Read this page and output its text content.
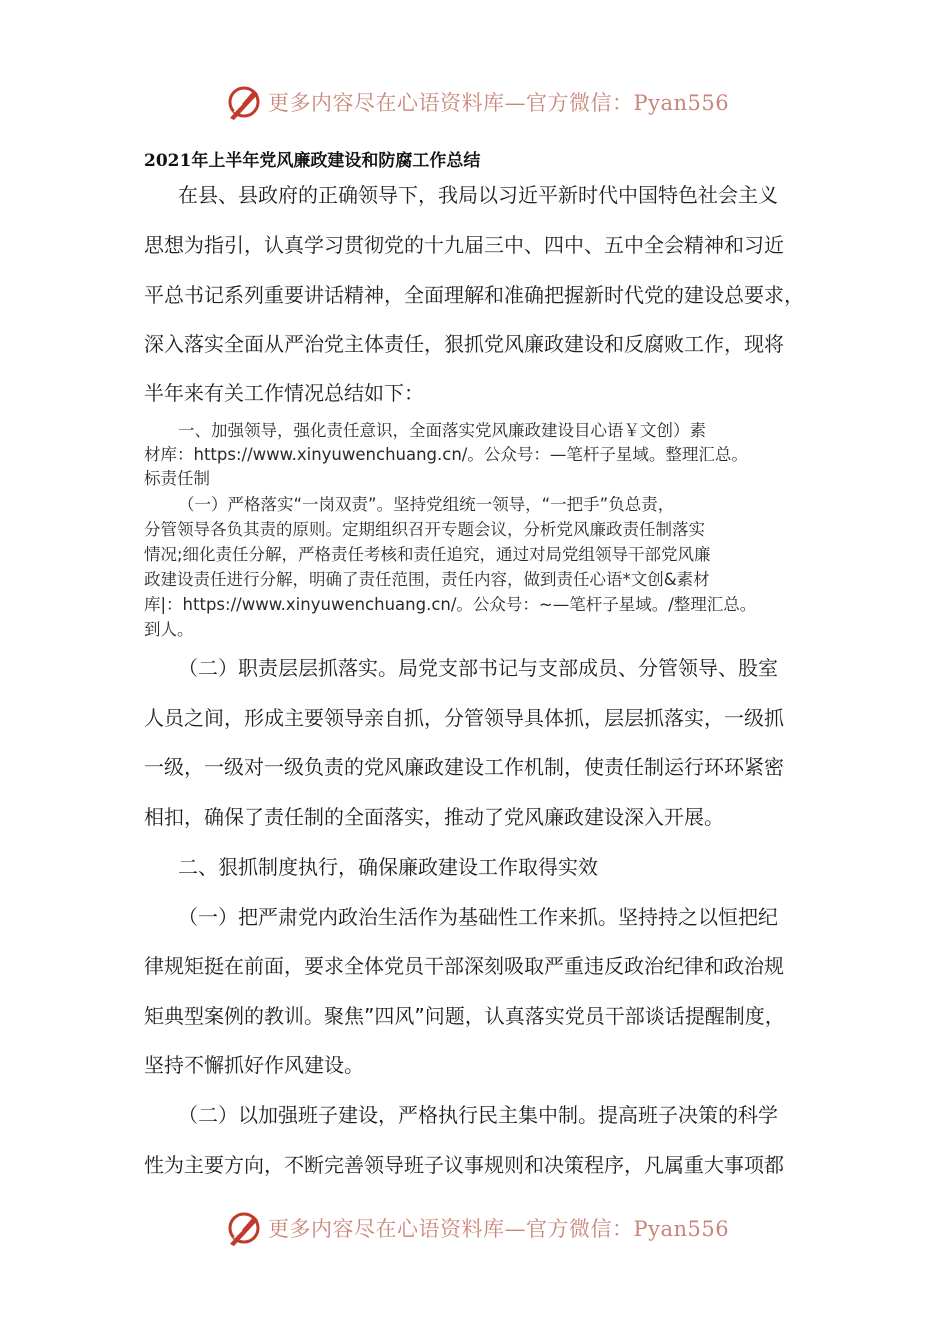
更多内容尽在心语资料库—官方微信：Pyan556
2021年上半年党风廉政建设和防腐工作总结
在县、县政府的正确领导下，我局以习近平新时代中国特色社会主义
思想为指引，认真学习贯彻党的十九届三中、四中、五中全会精神和习近
平总书记系列重要讲话精神，全面理解和准确把握新时代党的建设总要求，
深入落实全面从严治党主体责任，狠抓党风廉政建设和反腐败工作，现将
半年来有关工作情况总结如下：
一、加强领导，强化责任意识，全面落实党风廉政建设目心语￥文创）素
材库：https://www.xinyuwenchuang.cn/。公众号：—笔杆子星域。整理汇总。
标责任制
（一）严格落实“一岗双责”。坚持党组统一领导，“一把手”负总责，
分管领导各负其责的原则。定期组织召开专题会议，分析党风廉政责任制落实
情况;细化责任分解，严格责任考核和责任追究，通过对局党组领导干部党风廉
政建设责任进行分解，明确了责任范围，责任内容，做到责任心语*文创&素材
库|：https://www.xinyuwenchuang.cn/。公众号：~—笔杆子星域。/整理汇总。
到人。
（二）职责层层抓落实。局党支部书记与支部成员、分管领导、股室
人员之间，形成主要领导亲自抓，分管领导具体抓，层层抓落实，一级抓
一级，一级对一级负责的党风廉政建设工作机制，使责任制运行环环紧密
相扣，确保了责任制的全面落实，推动了党风廉政建设深入开展。
二、狠抓制度执行，确保廉政建设工作取得实效
（一）把严肃党内政治生活作为基础性工作来抓。坚持持之以恒把纪
律规矩挺在前面，要求全体党员干部深刻吸取严重违反政治纪律和政治规
矩典型案例的教训。聚焦”四风”问题，认真落实党员干部谈话提醒制度，
坚持不懈抓好作风建设。
（二）以加强班子建设，严格执行民主集中制。提高班子决策的科学
性为主要方向，不断完善领导班子议事规则和决策程序，凡属重大事项都
更多内容尽在心语资料库—官方微信：Pyan556
